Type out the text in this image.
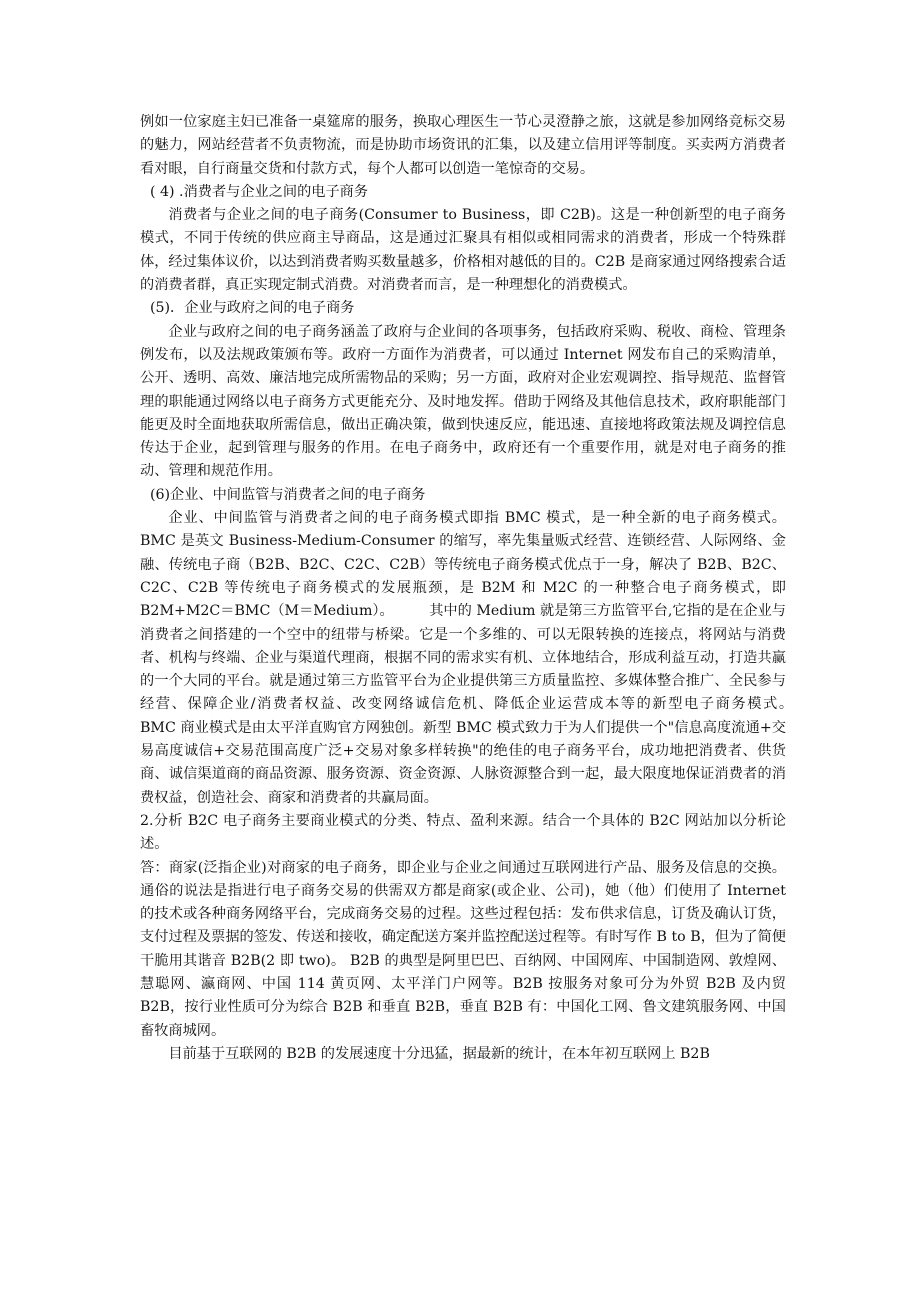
例如一位家庭主妇已准备一桌筵席的服务，换取心理医生一节心灵澄静之旅，这就是参加网络竞标交易的魅力，网站经营者不负责物流，而是协助市场资讯的汇集，以及建立信用评等制度。买卖两方消费者看对眼，自行商量交货和付款方式，每个人都可以创造一笔惊奇的交易。

( 4) .消费者与企业之间的电子商务

消费者与企业之间的电子商务(Consumer to Business，即 C2B)。这是一种创新型的电子商务模式，不同于传统的供应商主导商品，这是通过汇聚具有相似或相同需求的消费者，形成一个特殊群体，经过集体议价，以达到消费者购买数量越多，价格相对越低的目的。C2B 是商家通过网络搜索合适的消费者群，真正实现定制式消费。对消费者而言，是一种理想化的消费模式。

(5)．企业与政府之间的电子商务

企业与政府之间的电子商务涵盖了政府与企业间的各项事务，包括政府采购、税收、商检、管理条例发布，以及法规政策颁布等。政府一方面作为消费者，可以通过 Internet 网发布自己的采购清单，公开、透明、高效、廉洁地完成所需物品的采购；另一方面，政府对企业宏观调控、指导规范、监督管理的职能通过网络以电子商务方式更能充分、及时地发挥。借助于网络及其他信息技术，政府职能部门能更及时全面地获取所需信息，做出正确决策，做到快速反应，能迅速、直接地将政策法规及调控信息传达于企业，起到管理与服务的作用。在电子商务中，政府还有一个重要作用，就是对电子商务的推动、管理和规范作用。

(6)企业、中间监管与消费者之间的电子商务

企业、中间监管与消费者之间的电子商务模式即指 BMC 模式，是一种全新的电子商务模式。BMC 是英文 Business-Medium-Consumer 的缩写，率先集量贩式经营、连锁经营、人际网络、金融、传统电子商（B2B、B2C、C2C、C2B）等传统电子商务模式优点于一身，解决了 B2B、B2C、C2C、C2B 等传统电子商务模式的发展瓶颈，是 B2M 和 M2C 的一种整合电子商务模式，即 B2M+M2C＝BMC（M＝Medium）。　　　其中的 Medium 就是第三方监管平台,它指的是在企业与消费者之间搭建的一个空中的纽带与桥梁。它是一个多维的、可以无限转换的连接点，将网站与消费者、机构与终端、企业与渠道代理商，根据不同的需求实有机、立体地结合，形成利益互动，打造共赢的一个大同的平台。就是通过第三方监管平台为企业提供第三方质量监控、多媒体整合推广、全民参与经营、保障企业/消费者权益、改变网络诚信危机、降低企业运营成本等的新型电子商务模式。　　　BMC 商业模式是由太平洋直购官方网独创。新型 BMC 模式致力于为人们提供一个"信息高度流通+交易高度诚信+交易范围高度广泛+交易对象多样转换"的绝佳的电子商务平台，成功地把消费者、供货商、诚信渠道商的商品资源、服务资源、资金资源、人脉资源整合到一起，最大限度地保证消费者的消费权益，创造社会、商家和消费者的共赢局面。

2.分析 B2C 电子商务主要商业模式的分类、特点、盈利来源。结合一个具体的 B2C 网站加以分析论述。

答：商家(泛指企业)对商家的电子商务，即企业与企业之间通过互联网进行产品、服务及信息的交换。通俗的说法是指进行电子商务交易的供需双方都是商家(或企业、公司)，她（他）们使用了 Internet 的技术或各种商务网络平台，完成商务交易的过程。这些过程包括：发布供求信息，订货及确认订货，支付过程及票据的签发、传送和接收，确定配送方案并监控配送过程等。有时写作 B to B，但为了简便干脆用其谐音 B2B(2 即 two)。 B2B 的典型是阿里巴巴、百纳网、中国网库、中国制造网、敦煌网、慧聪网、瀛商网、中国 114 黄页网、太平洋门户网等。B2B 按服务对象可分为外贸 B2B 及内贸 B2B，按行业性质可分为综合 B2B 和垂直 B2B，垂直 B2B 有：中国化工网、鲁文建筑服务网、中国畜牧商城网。

目前基于互联网的 B2B 的发展速度十分迅猛，据最新的统计，在本年初互联网上 B2B
